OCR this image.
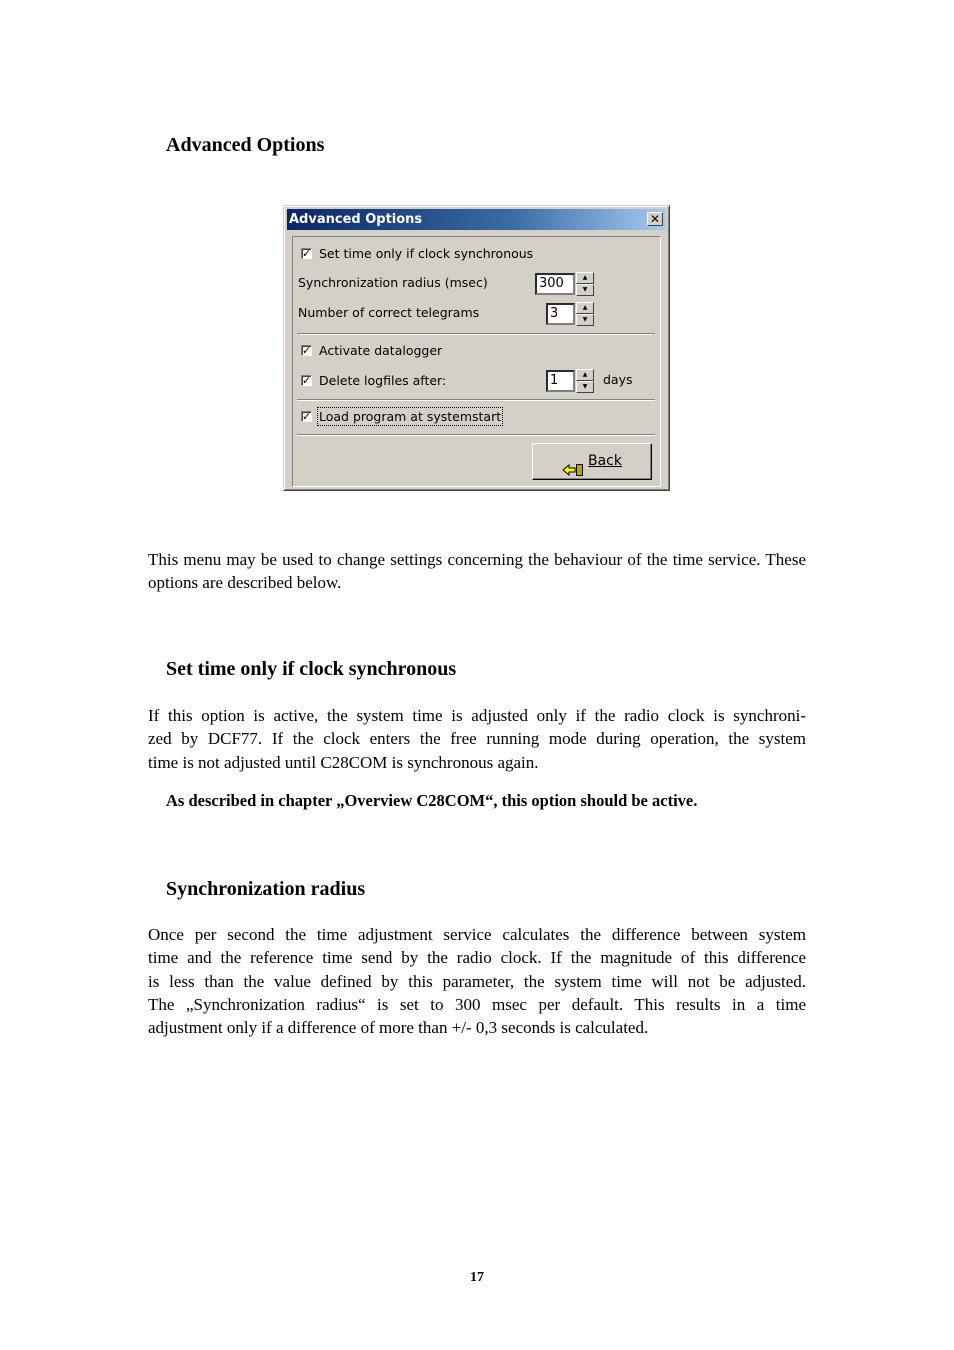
Advanced Options
Advanced Options	✕
✓ Set time only if clock synchronous
Synchronization radius (msec)	300	▲
▼
Number of correct telegrams	3	▲
▼
✓ Activate datalogger
✓ Delete logfiles after:	1	▲
▼	days
✓ Load program at systemstart
Back

This menu may be used to change settings concerning the behaviour of the time service. These options are described below.

Set time only if clock synchronous

If this option is active, the system time is adjusted only if the radio clock is synchroni-

zed by DCF77. If the clock enters the free running mode during operation, the system

time is not adjusted until C28COM is synchronous again.

As described in chapter „Overview C28COM“, this option should be active.
Synchronization radius

Once per second the time adjustment service calculates the difference between system

time and the reference time send by the radio clock. If the magnitude of this difference

is less than the value defined by this parameter, the system time will not be adjusted.

The „Synchronization radius“ is set to 300 msec per default. This results in a time

adjustment only if a difference of more than +/- 0,3 seconds is calculated.

17
